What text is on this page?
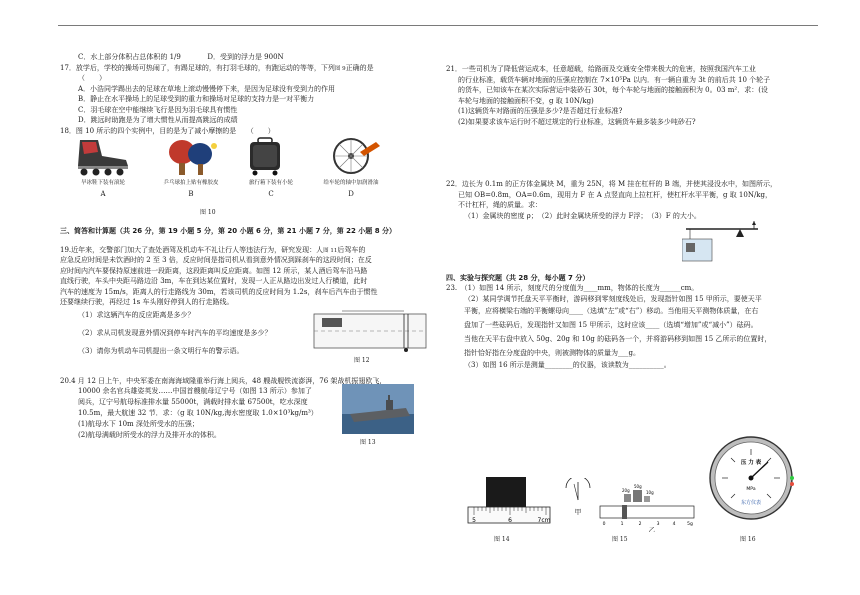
C．水上部分体积占总体积的 1/9	D．受到的浮力是 900N

17．放学后，学校的操场可热闹了，有踢足球的，有打羽毛球的，有跑运动的等等，下列图 9正确的是

（　　）

A．小浩同学踢出去的足球在草地上滚动慢慢停下来，是因为足球没有受到力的作用

B．静止在水平操场上的足球受到的重力和操场对足球的支持力是一对平衡力

C．羽毛球在空中能继续飞行是因为羽毛球具有惯性

D．跳远时助跑是为了增大惯性从而提高跳远的成绩

18．图 10 所示的四个实例中，目的是为了减小摩擦的是　　（　　）

旱冰鞋下装有滚轮
A
乒乓球拍上贴有橡胶皮
B
旅行箱下装有小轮
C
给车轮的轴中加润滑油
D
图 10

三、简答和计算题（共 26 分，第 19 小题 5 分，第 20 小题 6 分，第 21 小题 7 分，第 22 小题 8 分）

19.近年来，交警部门加大了查处酒驾及机动车不礼让行人等违法行为，研究发现：人图 11后驾车的

应急反应时间是未饮酒时的 2 至 3 倍，反应时间是指司机从看到意外情况到踩刹车的这段时间；在反

应时间内汽车要保持原速前进一段距离，这段距离叫反应距离。如图 12 所示，某人酒后驾车沿马路

直线行驶，车头中央距马路边沿 3m，车在到达某位置时，发现一人正从路边出发过人行横道，此时

汽车的速度为 15m/s，距离人的行走路线为 30m，若该司机的反应时间为 1.2s，刹车后汽车由于惯性

还要继续行驶，再经过 1s 车头刚好停到人的行走路线。

（1）求这辆汽车的反应距离是多少？

（2）求从司机发现意外情况到停车时汽车的平均速度是多少？

（3）请你为机动车司机提出一条文明行车的警示语。

图 12

20.4 月 12 日上午，中央军委在南海海域隆重举行海上阅兵，48 艘战舰铁流澎湃，76 架战机振翅欧飞，

10000 余名官兵雄姿英发……中国首艘航母辽宁号（如图 13 所示）参加了

阅兵，辽宁号航母标准排水量 55000t，满载时排水量 67500t，吃水深度

10.5m，最大航速 32 节．求：（g 取 10N/kg,海水密度取 1.0×10³kg/m³）

(1)航母水下 10m 深处所受水的压强；

(2)航母满载时所受水的浮力及排开水的体积。

图 13

21．一些司机为了降低营运成本，任意超载，给路面及交通安全带来极大的危害，按照我国汽车工业

的行业标准，载货车辆对地面的压强应控制在 7×10⁵Pa 以内．有一辆自重为 3t 的前后共 10 个轮子

的货车，已知该车在某次实际营运中装砂石 30t，每个车轮与地面的接触面积为 0。03 m²．求：(设

车轮与地面的接触面积不变，g 取 10N/kg)

(1)这辆货车对路面的压强是多少?是否超过行业标准?

(2)如果要求该车运行时不超过规定的行业标准，这辆货车最多装多少吨砂石?

22．边长为 0.1m 的正方体金属块 M，重为 25N，将 M 挂在杠杆的 B 端，并使其浸没水中，如图所示，

已知 OB=0.8m，OA=0.6m，现用力 F 在 A 点竖直向上拉杠杆，使杠杆水平平衡，g 取 10N/kg，

不计杠杆，绳的质量。求：

（1）金属块的密度 ρ；　（2）此时金属块所受的浮力 F浮；　（3）F 的大小。

四、实验与探究题（共 28 分，每小题 7 分）

23.　（1）如图 14 所示，刻度尺的分度值为____mm，物体的长度为______cm。

（2）某同学调节托盘天平平衡时，游码移到零刻度线处后，发现指针如图 15 甲所示，要使天平

平衡，应将横梁右端的平衡螺母向____（选填“左”或“右”）移动。当他用天平测物体质量，在右

盘加了一些砝码后，发现指针又如图 15 甲所示，这时应该____（选填“增加”或“减小”）砝码。

当他在天平右盘中放入 50g、20g 和 10g 的砝码各一个，并将游码移到如图 15 乙所示的位置时，

指针恰好指在分度盘的中央，则被测物体的质量为___g。

（3）如图 16 所示是测量________的仪器，该读数为__________。

5	6	7cm
图 14
甲
20g
50g
10g
0	1	2	3	4	5g
乙
图 15
压 力 表
MPa
东方仪表
图 16
